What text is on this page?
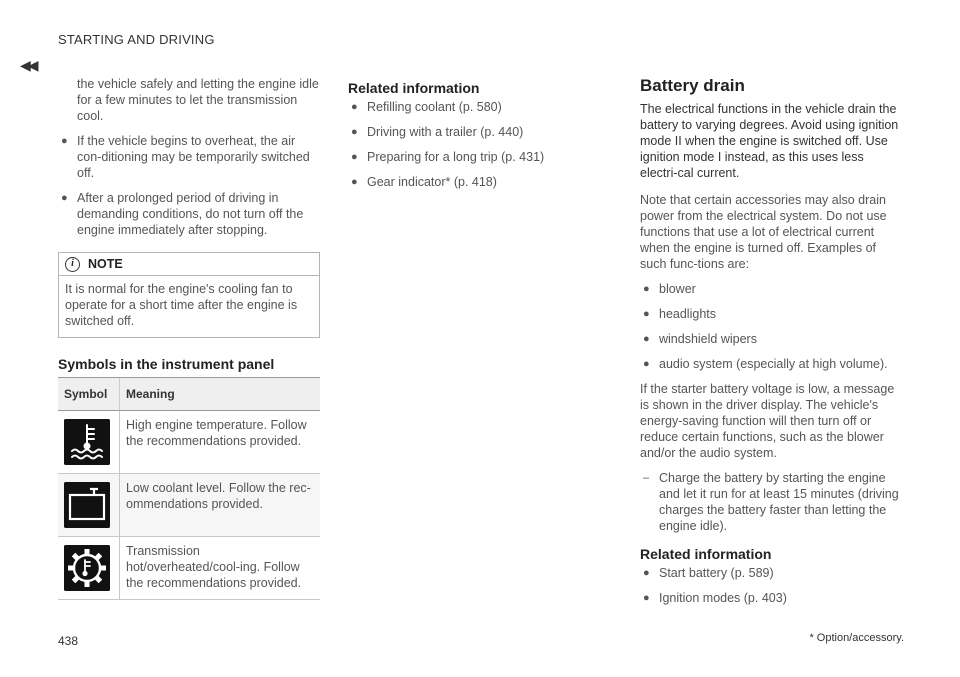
STARTING AND DRIVING
◀◀

the vehicle safely and letting the engine idle for a few minutes to let the transmission cool.

● If the vehicle begins to overheat, the air con-ditioning may be temporarily switched off.
● After a prolonged period of driving in demanding conditions, do not turn off the engine immediately after stopping.
i	NOTE
It is normal for the engine's cooling fan to operate for a short time after the engine is switched off.
Symbols in the instrument panel
Symbol	Meaning

	High engine temperature. Follow the recommendations provided.

	Low coolant level. Follow the rec-ommendations provided.

	Transmission hot/overheated/cool-ing. Follow the recommendations provided.
Related information
● Refilling coolant (p. 580)
● Driving with a trailer (p. 440)
● Preparing for a long trip (p. 431)
● Gear indicator* (p. 418)
Battery drain

The electrical functions in the vehicle drain the battery to varying degrees. Avoid using ignition mode II when the engine is switched off. Use ignition mode I instead, as this uses less electri-cal current.

Note that certain accessories may also drain power from the electrical system. Do not use functions that use a lot of electrical current when the engine is turned off. Examples of such func-tions are:

● blower
● headlights
● windshield wipers
● audio system (especially at high volume).

If the starter battery voltage is low, a message is shown in the driver display. The vehicle's energy-saving function will then turn off or reduce certain functions, such as the blower and/or the audio system.

– Charge the battery by starting the engine and let it run for at least 15 minutes (driving charges the battery faster than letting the engine idle).
Related information
● Start battery (p. 589)
● Ignition modes (p. 403)
438	* Option/accessory.
